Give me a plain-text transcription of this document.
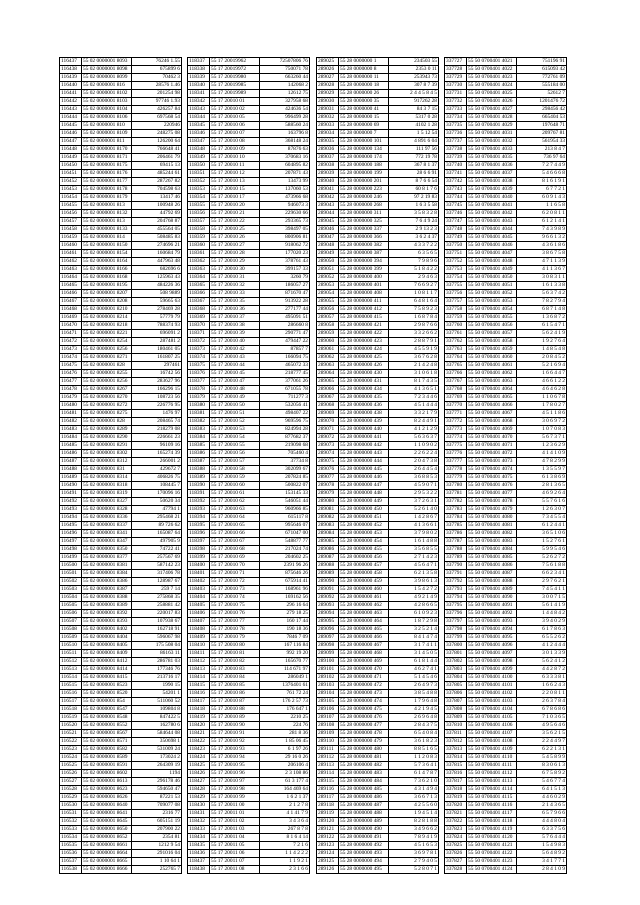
116437	55 02 0000001 8093	76246 1.55
116438	55 02 0000001 8098	675899 6
116439	55 02 0000001 8099	70462 3
116440	55 02 0000001 816	28576 1.46
116441	55 02 0000001 8102	201254 98
116442	55 02 0000001 8103	97746 1.93
116443	55 02 0000001 8104	426257 84
116444	55 02 0000001 8106	697568 54
116445	55 02 0000001 810	220946
116446	55 02 0000001 8109	248275 08
116447	55 02 0000001 811	126200 64
116448	55 02 0000001 8170	766648 41
116449	55 02 0000001 8171	206461 79
116450	55 02 0000001 8175	69415 13
116451	55 02 0000001 8176	485244 61
116452	55 02 0000001 8177	287267 82
116453	55 02 0000001 8178	704598 63
116454	55 02 0000001 8179	13417 46
116455	55 02 0000001 813	100948 26
116456	55 02 0000001 8132	44792 69
116457	55 02 0000001 813	204768 87
116458	55 02 0000001 8133	455564 05
116459	55 02 0000001 814	508485 83
116460	55 02 0000001 8150	274696 21
116461	55 02 0000001 8154	160684 79
116462	55 02 0000001 8164	447963 48
116463	55 02 0000001 8166	682696 6
116464	55 02 0000001 8168	125963 43
116465	55 02 0000001 8195	484226 36
116466	55 02 0000001 8207	508 9889
116467	55 02 0000001 8208	59665 63
116468	55 02 0000001 8210	278469 28
116469	55 02 0000001 8214	57779 79
116470	55 02 0000001 8218	788374 93
116471	55 02 0000001 8221	696091 2
116472	55 02 0000001 8254	287481 2
116473	55 02 0000001 8256	180461 05
116474	55 02 0000001 8271	161807 25
116475	55 02 0000001 828	297461
116476	55 02 0000001 8255	16742 56
116477	55 02 0000001 8256	283627 96
116478	55 02 0000001 8267	166296 15
116479	55 02 0000001 8270	108723 56
116480	55 02 0000001 8272	226776 95
116481	55 02 0000001 8275	1476 97
116482	55 02 0000001 828	208465 74
116483	55 02 0000001 8289	218279 08
116484	55 02 0000001 8290	226661 23
116485	55 02 0000001 8291	96109 16
116486	55 02 0000001 8302	165274 39
116487	55 02 0000001 8312	266001 2
116488	55 02 0000001 831	429672 7
116489	55 02 0000001 8314	406826 75
116490	55 02 0000001 8318	108445 7
116491	55 02 0000001 8319	170096 16
116492	55 02 0000001 8327	50620 34
116493	55 02 0000001 8328	47794 1
116494	55 02 0000001 8336	295468 21
116495	55 02 0000001 8337	89 726 62
116496	55 02 0000001 8341	165087 64
116497	55 02 0000001 8347	497905 9
116498	55 02 0000001 8350	74722 41
116499	55 02 0000001 8377	257567 69
116500	55 02 0000001 8381	587142 23
116501	55 02 0000001 8384	317406 78
116502	55 02 0000001 8386	128987 67
116503	55 02 0000001 8387	259 7 14
116504	55 02 0000001 8388	275868 35
116505	55 02 0000001 8389	258881 42
116506	55 02 0000001 8392	220017 83
116507	55 02 0000001 8393	107938 67
116508	55 02 0000001 8402	162718 91
116509	55 02 0000001 8404	596067 98
116510	55 02 0000001 8405	175 508 04
116511	55 02 0000001 8409	86163 11
116512	55 02 0000001 8412	286781 03
116513	55 02 0000001 8414	177346 76
116514	55 02 0000001 8415	213716 17
116515	55 02 0000001 8523	1990 15
116516	55 02 0000001 8520	54201 1
116517	55 02 0000001 854	511060 52
116518	55 02 0000001 8547	109804 8
116519	55 02 0000001 8548	847422 5
116520	55 02 0000001 8552	162780 6
116521	55 02 0000001 8567	584644 08
116522	55 02 0000001 8571	350698 1
116523	55 02 0000001 8582	531009 24
116524	55 02 0000001 8589	173024 2
116525	55 02 0000001 8591	264309 19
116526	55 02 0000001 8602	1194
116527	55 02 0000001 8613	296178 46
116528	55 02 0000001 8623	594650 47
116529	55 02 0000001 8626	87221 53
116530	55 02 0000001 8640	709077 08
116531	55 02 0000001 8641	2316 77
116532	55 02 0000001 8645	605151 19
116533	55 02 0000001 8650	207900 22
116534	55 02 0000001 8652	2354 81
116535	55 02 0000001 8661	1212 9 54
116536	55 02 0000001 8664	291016 04
116537	55 02 0000001 8665	1 10 64 1
116538	55 02 0000001 8666	252765 7
118337	55 17 20019962	72507806 76
118338	55 17 20019972	750071 78
118339	55 17 20019980	663260 44
118340	55 17 20019985	142068 2
118341	55 17 20019989	12612 75
118342	55 17 20010 01	327958 68
118343	55 17 20010 02	424636 54
118344	55 17 20010 05	996499 28
118345	55 17 20010 06	588560 24
118346	55 17 20010 07	163796 8
118347	55 17 20010 08	368148 24
118348	55 17 20010 09	87876 63
118349	55 17 20010 10	370683 16
118350	55 17 20010 11	604895 82
118351	55 17 20010 12	207871 43
118352	55 17 20010 13	13473 99
118353	55 17 20010 15	137060 53
118354	55 17 20010 17	473966 68
118355	55 17 20010 20	946073 3
118356	55 17 20010 21	229630 66
118357	55 17 20010 22	293365 73
118358	55 17 20010 25	398497 05
118359	55 17 20010 26	800906 81
118360	55 17 20010 27	918062 72
118361	55 17 20010 28	177020 23
118362	55 17 20010 29	378761 43
118363	55 17 20010 30	399157 33
118364	55 17 20010 31	3260 79
118365	55 17 20010 32	186057 27
118366	55 17 20010 33	871670 47
118367	55 17 20010 35	913922 28
118368	55 17 20010 36	277177 44
118369	55 17 20010 37	495091 51
118370	55 17 20010 38	286660 8
118371	55 17 20010 39	290771 47
118372	55 17 20010 40	479447 22
118373	55 17 20010 42	87857 7
118374	55 17 20010 43	166094 75
118375	55 17 20010 44	465072 33
118376	55 17 20010 45	218777 45
118377	55 17 20010 47	377061 26
118378	55 17 20010 48	671055 78
118379	55 17 20010 49	711277 3
118380	55 17 20010 50	532056 41
118381	55 17 20010 51	498407 22
118382	55 17 20010 52	969596 75
118383	55 17 20010 53	824994 28
118384	55 17 20010 54	877682 37
118385	55 17 20010 55	219098 68
118386	55 17 20010 56	705460 4
118387	55 17 20010 57	37734 8
118388	55 17 20010 58	302099 67
118389	55 17 20010 59	207824 85
118390	55 17 20010 60	500822 07
118391	55 17 20010 61	153145 33
118392	55 17 20010 62	546051 44
118393	55 17 20010 63	960966 85
118394	55 17 20010 64	615117 8
118395	55 17 20010 65	995646 07
118396	55 17 20010 66	671047 00
118397	55 17 20010 67	548877 77
118398	55 17 20010 68	217024 74
118399	55 17 20010 69	204602 25
118400	55 17 20010 70	2391 96 26
118401	55 17 20010 71	875646 26
118402	55 17 20010 72	675914 41
118403	55 17 20010 73	168961 96
118404	55 17 20010 74	169162 56
118405	55 17 20010 75	296 16 64
118406	55 17 20010 76	279 18 25
118407	55 17 20010 77	160 17 44
118408	55 17 20010 78	190 18 36
118409	55 17 20010 79	7846 7 09
118410	55 17 20010 80	167 116 84
118411	55 17 20010 81	992 19 20
118412	55 17 20010 82	165670 77
118413	55 17 20010 83	114 671 97
118414	55 17 20010 84	286049 1
118415	55 17 20010 85	1376401 61
118416	55 17 20010 86	761 72 24
118417	55 17 20010 87	176 2 57 73
118418	55 17 20010 88	176 647 1
118419	55 17 20010 89	2210 25
118420	55 17 20010 90	224 76
118421	55 17 20010 91	281 8 36
118422	55 17 20010 92	1 85 06 45
118423	55 17 20010 93	6 1 97 26
118424	55 17 20010 94	29 16 0 26
118425	55 17 20010 95	206106 4
118426	55 17 20010 96	2 3 108 86
118427	55 17 20010 97	61 3 177 4
118428	55 17 20010 98	164 469 64
118429	55 17 20010 99	1 6 2 1 37
118430	55 17 20011 00	2 1 2 7 8
118431	55 17 20011 01	4 1 41 7 9
118432	55 17 20011 02	3 4 3 6 4
118433	55 17 20011 03	267 8 7 8
118434	55 17 20011 04	8 1 6 4 14
118435	55 17 20011 05	7 2 1 6
118436	55 17 20011 06	1 1 4 2 2 2
118437	55 17 20011 07	1 1 9 2 1
118438	55 17 20011 08	2 3 1 6 6
289025	55 28 0000000 1	234503 55
289026	55 28 0000000 8	2353 0 11
289027	55 28 0000000 11	253943 73
289028	55 28 0000000 18	307 8 7 39
289029	55 28 0000000 26	2 4 4 5 8 4 5
289030	55 28 0000000 35	917262 28
289031	55 28 0000000 41	84 3 7 15
289032	55 28 0000000 15	5317 0 28
289033	55 28 0000000 69	4102 1 28
289034	55 28 0000000 7	1 5 12 54
289035	55 28 0000000 101	4 891 6 04
289036	55 28 0000000 134	111 97 56
289037	55 28 0000000 174	772 19 78
289038	55 28 0000000 188	367 8 1 37
289039	55 28 0000000 199	28 6 6 91
289040	55 28 0000000 201	8 7 6 6 54
289041	55 28 0000000 223	60 8 1 7 6
289042	55 28 0000000 246	97 2 19 83
289043	55 28 0000000 268	1 6 3 5 58
289044	55 28 0000000 311	3 5 8 3 2 8
289045	55 28 0000000 325	7 6 4 9 24
289046	55 28 0000000 337	2 9 13 2 3
289047	55 28 0000000 366	3 6 2 4 37
289048	55 28 0000000 382	4 3 3 7 2 2
289049	55 28 0000000 387	6 3 5 6 5
289050	55 28 0000000 394	7 9 8 9 6
289051	55 28 0000000 399	5 1 8 4 2 2
289052	55 28 0000000 400	2 9 4 6 3
289053	55 28 0000000 401	7 6 6 9 2 7
289054	55 28 0000000 408	1 0 8 1 1 7
289055	55 28 0000000 411	6 4 8 1 6 4
289056	55 28 0000000 412	7 5 8 9 2 3
289057	55 28 0000000 415	1 6 8 7 8 4
289058	55 28 0000000 421	2 9 8 7 6 6
289059	55 28 0000000 422	3 3 2 6 6 2
289060	55 28 0000000 423	2 8 8 7 9 1
289061	55 28 0000000 424	4 5 5 9 1 9
289062	55 28 0000000 425	3 6 7 6 2 8
289063	55 28 0000000 426	2 1 4 2 4 8
289064	55 28 0000000 430	3 1 0 6 1 8
289065	55 28 0000000 431	8 1 7 4 3 5
289066	55 28 0000000 434	4 1 3 6 5 1
289067	55 28 0000000 435	7 2 3 4 4 6
289068	55 28 0000000 436	4 5 1 4 4 4
289069	55 28 0000000 438	3 3 2 1 7 9
289070	55 28 0000000 439	8 2 4 4 9 1
289071	55 28 0000000 440	4 1 2 1 2 9
289072	55 28 0000000 441	5 6 3 6 3 7
289073	55 28 0000000 442	1 1 0 9 0 2
289074	55 28 0000000 443	2 2 6 2 2 4
289075	55 28 0000000 444	2 0 4 7 3 8
289076	55 28 0000000 445	2 6 4 4 5 4
289077	55 28 0000000 446	3 6 8 8 5 3
289078	55 28 0000000 447	4 5 9 0 7 1
289079	55 28 0000000 448	2 9 5 3 2 2
289080	55 28 0000000 449	3 7 2 6 3 1
289081	55 28 0000000 450	5 2 6 1 4 0
289082	55 28 0000000 451	1 4 2 8 6 7
289083	55 28 0000000 452	4 1 3 6 6 1
289084	55 28 0000000 453	3 7 9 8 0 2
289085	55 28 0000000 454	1 6 1 4 8 8
289086	55 28 0000000 455	3 5 6 8 5 5
289087	55 28 0000000 456	2 7 1 4 2 3
289088	55 28 0000000 457	4 5 6 4 7 1
289089	55 28 0000000 458	6 2 1 3 5 8
289090	55 28 0000000 459	3 9 8 6 1 3
289091	55 28 0000000 460	1 5 4 2 7 2
289092	55 28 0000000 461	4 9 2 1 4 9
289093	55 28 0000000 462	4 2 8 6 6 5
289094	55 28 0000000 463	6 1 0 9 2 3
289095	55 28 0000000 464	1 8 7 2 9 8
289096	55 28 0000000 465	3 2 5 2 1 4
289097	55 28 0000000 466	8 4 1 4 7 4
289098	55 28 0000000 467	3 1 7 4 1 1
289099	55 28 0000000 468	3 1 4 5 0 5
289100	55 28 0000000 469	6 1 8 1 4 4
289101	55 28 0000000 470	4 6 2 7 4 1
289102	55 28 0000000 471	5 1 4 5 4 6
289103	55 28 0000000 472	2 6 4 9 7 3
289104	55 28 0000000 473	3 8 5 4 8 8
289105	55 28 0000000 474	1 7 9 6 4 8
289106	55 28 0000000 475	4 2 1 9 4 5
289107	55 28 0000000 476	2 6 9 6 4 8
289108	55 28 0000000 477	2 8 4 3 7 5
289109	55 28 0000000 478	6 5 4 0 8 4
289110	55 28 0000000 479	3 6 1 8 2 3
289111	55 28 0000000 480	8 8 5 1 6 5
289112	55 28 0000000 481	1 1 2 0 8 3
289113	55 28 0000000 482	5 7 3 6 4 1
289114	55 28 0000000 483	6 1 4 7 8 7
289115	55 28 0000000 484	7 3 6 2 1 0
289116	55 28 0000000 485	4 3 1 4 9 4
289117	55 28 0000000 486	3 6 6 7 1 3
289118	55 28 0000000 487	4 2 5 5 6 0
289119	55 28 0000000 488	1 9 4 5 1 4
289120	55 28 0000000 489	8 2 8 1 8 8
289121	55 28 0000000 490	3 4 9 6 6 2
289122	55 28 0000000 491	7 8 9 4 1 9
289123	55 28 0000000 492	4 5 1 6 5 3
289124	55 28 0000000 493	3 6 9 7 8 1
289125	55 28 0000000 494	2 7 9 4 0 5
289126	55 28 0000000 495	5 2 8 0 7 1
337727	55 50 0700401 4021	751196 91
337728	55 50 0700401 4022	615093 42
337729	55 50 0700401 4023	772761 09
337730	55 50 0700401 4024	555184 00
337731	55 50 0700401 4025	52612 7
337732	55 50 0700401 4026	1201476 72
337733	55 50 0700401 4027	298456 42
337734	55 50 0700401 4028	665404 53
337735	55 50 0700401 4029	197648 71
337736	55 50 0700401 4031	209767 81
337737	55 50 0700401 4032	561954 33
337738	55 50 0700401 4033	213 8 4 7
337739	55 50 0700401 4035	736 97 64
337740	55 50 0700401 4036	7 2 7 4 4 9
337741	55 50 0700401 4037	5 4 6 6 6 8
337742	55 50 0700401 4038	8 1 6 1 9 1
337743	55 50 0700401 4039	6 7 7 2 1
337744	55 50 0700401 4040	6 0 9 1 4 3
337745	55 50 0700401 4041	1 1 6 5 8
337746	55 50 0700401 4042	6 2 0 8 1 1
337747	55 50 0700401 4043	6 1 2 1 4 1
337748	55 50 0700401 4044	7 4 3 9 8 9
337749	55 50 0700401 4045	9 6 6 1 3 2
337750	55 50 0700401 4046	4 3 6 1 8 6
337751	55 50 0700401 4047	3 8 6 7 5 8
337752	55 50 0700401 4048	4 7 1 1 3 9
337753	55 50 0700401 4049	4 1 1 3 6 7
337754	55 50 0700401 4050	3 0 8 3 1 1
337755	55 50 0700401 4051	1 6 1 3 3 8
337756	55 50 0700401 4052	5 6 3 7 4 2
337757	55 50 0700401 4053	7 8 2 7 9 4
337758	55 50 0700401 4054	6 8 7 1 4 8
337759	55 50 0700401 4055	1 3 6 8 7 2
337760	55 50 0700401 4056	6 1 5 4 7 1
337761	55 50 0700401 4057	5 6 2 4 1 9
337762	55 50 0700401 4058	1 9 2 7 6 4
337763	55 50 0700401 4059	1 4 8 5 4 8
337764	55 50 0700401 4060	2 0 8 4 5 2
337765	55 50 0700401 4061	5 2 1 6 9 4
337766	55 50 0700401 4062	1 6 6 4 4 7
337767	55 50 0700401 4063	4 6 6 1 2 2
337768	55 50 0700401 4064	4 6 4 6 2 8
337769	55 50 0700401 4065	1 1 0 6 7 8
337770	55 50 0700401 4066	1 7 8 0 2 7
337771	55 50 0700401 4067	4 5 1 1 8 6
337772	55 50 0700401 4068	3 0 6 9 7 2
337773	55 50 0700401 4069	1 0 7 0 8 3
337774	55 50 0700401 4070	5 6 7 3 7 1
337775	55 50 0700401 4071	1 2 3 6 2 9
337776	55 50 0700401 4072	4 1 4 1 0 9
337777	55 50 0700401 4073	4 7 8 2 9 9
337778	55 50 0700401 4074	1 3 5 5 9 7
337779	55 50 0700401 4075	6 1 3 8 6 9
337780	55 50 0700401 4076	2 8 1 3 6 5
337781	55 50 0700401 4077	4 6 9 2 6 4
337782	55 50 0700401 4078	5 5 7 6 1 6
337783	55 50 0700401 4079	1 2 6 3 0 7
337784	55 50 0700401 4080	7 3 4 5 5 4
337785	55 50 0700401 4081	6 1 2 4 4 1
337786	55 50 0700401 4082	3 6 5 1 0 6
337787	55 50 0700401 4083	1 5 2 7 6 1
337788	55 50 0700401 4084	5 9 9 5 4 6
337789	55 50 0700401 4085	5 2 6 2 7 2
337790	55 50 0700401 4086	7 5 6 1 8 8
337791	55 50 0700401 4087	6 6 2 3 4 1
337792	55 50 0700401 4088	2 9 7 6 2 1
337793	55 50 0700401 4089	7 4 5 4 1 1
337794	55 50 0700401 4090	3 0 0 7 1 5
337795	55 50 0700401 4091	5 6 1 4 1 9
337796	55 50 0700401 4092	1 4 4 8 4 2
337797	55 50 0700401 4093	3 9 4 0 2 9
337798	55 50 0700401 4094	6 1 7 8 6 3
337799	55 50 0700401 4095	6 5 5 2 6 2
337800	55 50 0700401 4096	4 1 2 4 4 4
337801	55 50 0700401 4097	3 0 1 3 3 9
337802	55 50 0700401 4098	5 6 2 4 1 2
337803	55 50 0700401 4099	4 4 2 8 7 2
337804	55 50 0700401 4100	6 3 3 3 8 1
337805	55 50 0700401 4101	1 6 6 2 4 3
337806	55 50 0700401 4102	2 2 0 8 1 1
337807	55 50 0700401 4103	2 6 3 7 8 4
337808	55 50 0700401 4104	6 7 8 6 8 6
337809	55 50 0700401 4105	7 1 0 3 6 5
337810	55 50 0700401 4106	4 9 5 6 4 6
337811	55 50 0700401 4107	3 5 6 2 1 5
337812	55 50 0700401 4108	2 2 4 4 9 7
337813	55 50 0700401 4109	6 2 2 1 3 1
337814	55 50 0700401 4110	5 4 5 8 9 9
337815	55 50 0700401 4111	8 3 0 6 1 3
337816	55 50 0700401 4112	6 7 5 8 9 2
337817	55 50 0700401 4113	5 4 6 7 7 4
337818	55 50 0700401 4114	6 4 1 5 1 3
337819	55 50 0700401 4115	4 4 6 0 2 9
337820	55 50 0700401 4116	2 1 4 3 6 5
337821	55 50 0700401 4117	6 5 7 9 6 6
337822	55 50 0700401 4118	4 4 4 8 0 4
337823	55 50 0700401 4119	6 3 3 7 5 6
337824	55 50 0700401 4120	5 7 6 4 4 4
337825	55 50 0700401 4121	1 5 4 9 8 3
337826	55 50 0700401 4122	5 6 4 8 9 2
337827	55 50 0700401 4123	3 4 1 7 7 1
337828	55 50 0700401 4124	2 8 4 1 0 9
